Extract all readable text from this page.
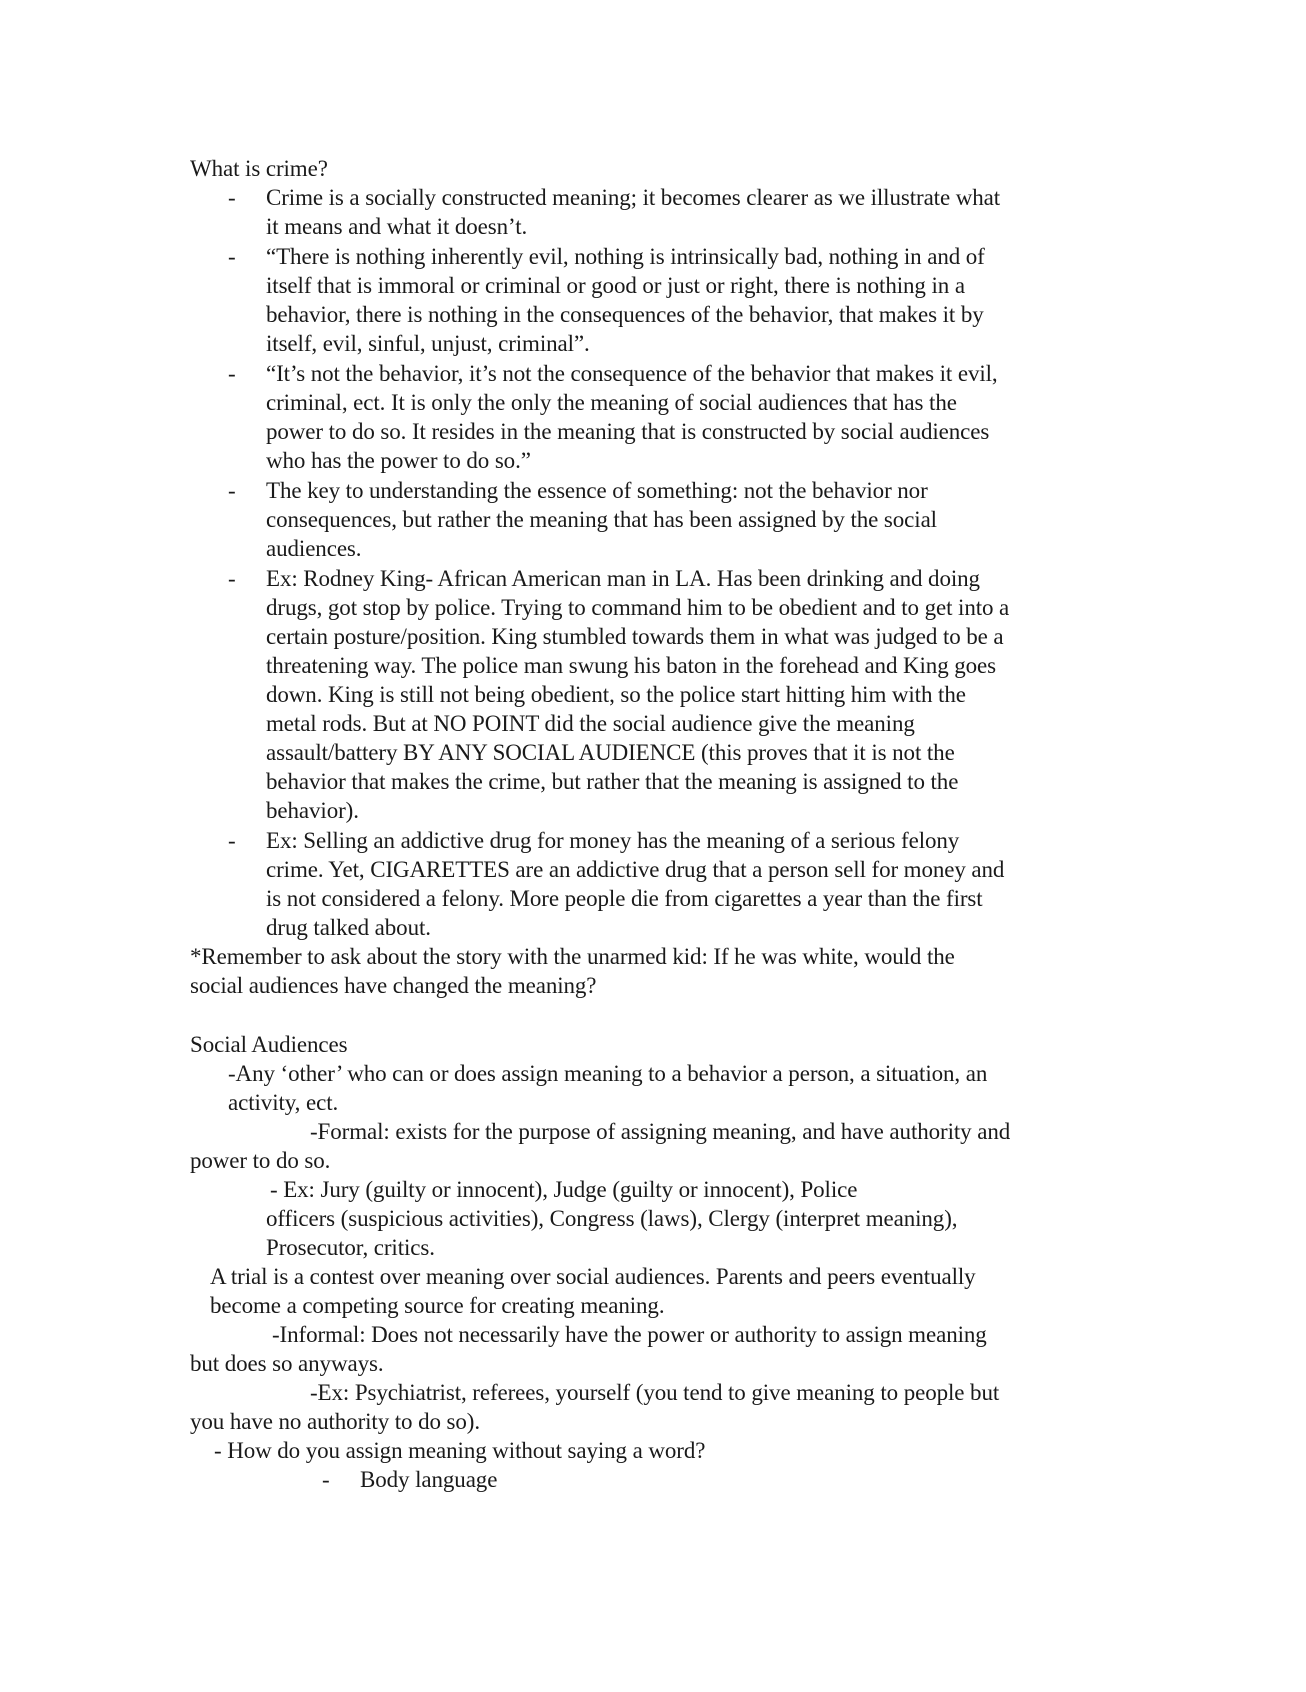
What is crime?
- Crime is a socially constructed meaning; it becomes clearer as we illustrate what
it means and what it doesn’t.
- “There is nothing inherently evil, nothing is intrinsically bad, nothing in and of
itself that is immoral or criminal or good or just or right, there is nothing in a
behavior, there is nothing in the consequences of the behavior, that makes it by
itself, evil, sinful, unjust, criminal”.
- “It’s not the behavior, it’s not the consequence of the behavior that makes it evil,
criminal, ect. It is only the only the meaning of social audiences that has the
power to do so. It resides in the meaning that is constructed by social audiences
who has the power to do so.”
- The key to understanding the essence of something: not the behavior nor
consequences, but rather the meaning that has been assigned by the social
audiences.
- Ex: Rodney King- African American man in LA. Has been drinking and doing
drugs, got stop by police. Trying to command him to be obedient and to get into a
certain posture/position. King stumbled towards them in what was judged to be a
threatening way. The police man swung his baton in the forehead and King goes
down. King is still not being obedient, so the police start hitting him with the
metal rods. But at NO POINT did the social audience give the meaning
assault/battery BY ANY SOCIAL AUDIENCE (this proves that it is not the
behavior that makes the crime, but rather that the meaning is assigned to the
behavior).
- Ex: Selling an addictive drug for money has the meaning of a serious felony
crime. Yet, CIGARETTES are an addictive drug that a person sell for money and
is not considered a felony. More people die from cigarettes a year than the first
drug talked about.
*Remember to ask about the story with the unarmed kid: If he was white, would the
social audiences have changed the meaning?
Social Audiences
-Any ‘other’ who can or does assign meaning to a behavior a person, a situation, an
activity, ect.
-Formal: exists for the purpose of assigning meaning, and have authority and
power to do so.
- Ex: Jury (guilty or innocent), Judge (guilty or innocent), Police
officers (suspicious activities), Congress (laws), Clergy (interpret meaning),
Prosecutor, critics.
A trial is a contest over meaning over social audiences. Parents and peers eventually
become a competing source for creating meaning.
-Informal: Does not necessarily have the power or authority to assign meaning
but does so anyways.
-Ex: Psychiatrist, referees, yourself (you tend to give meaning to people but
you have no authority to do so).
- How do you assign meaning without saying a word?
- Body language
